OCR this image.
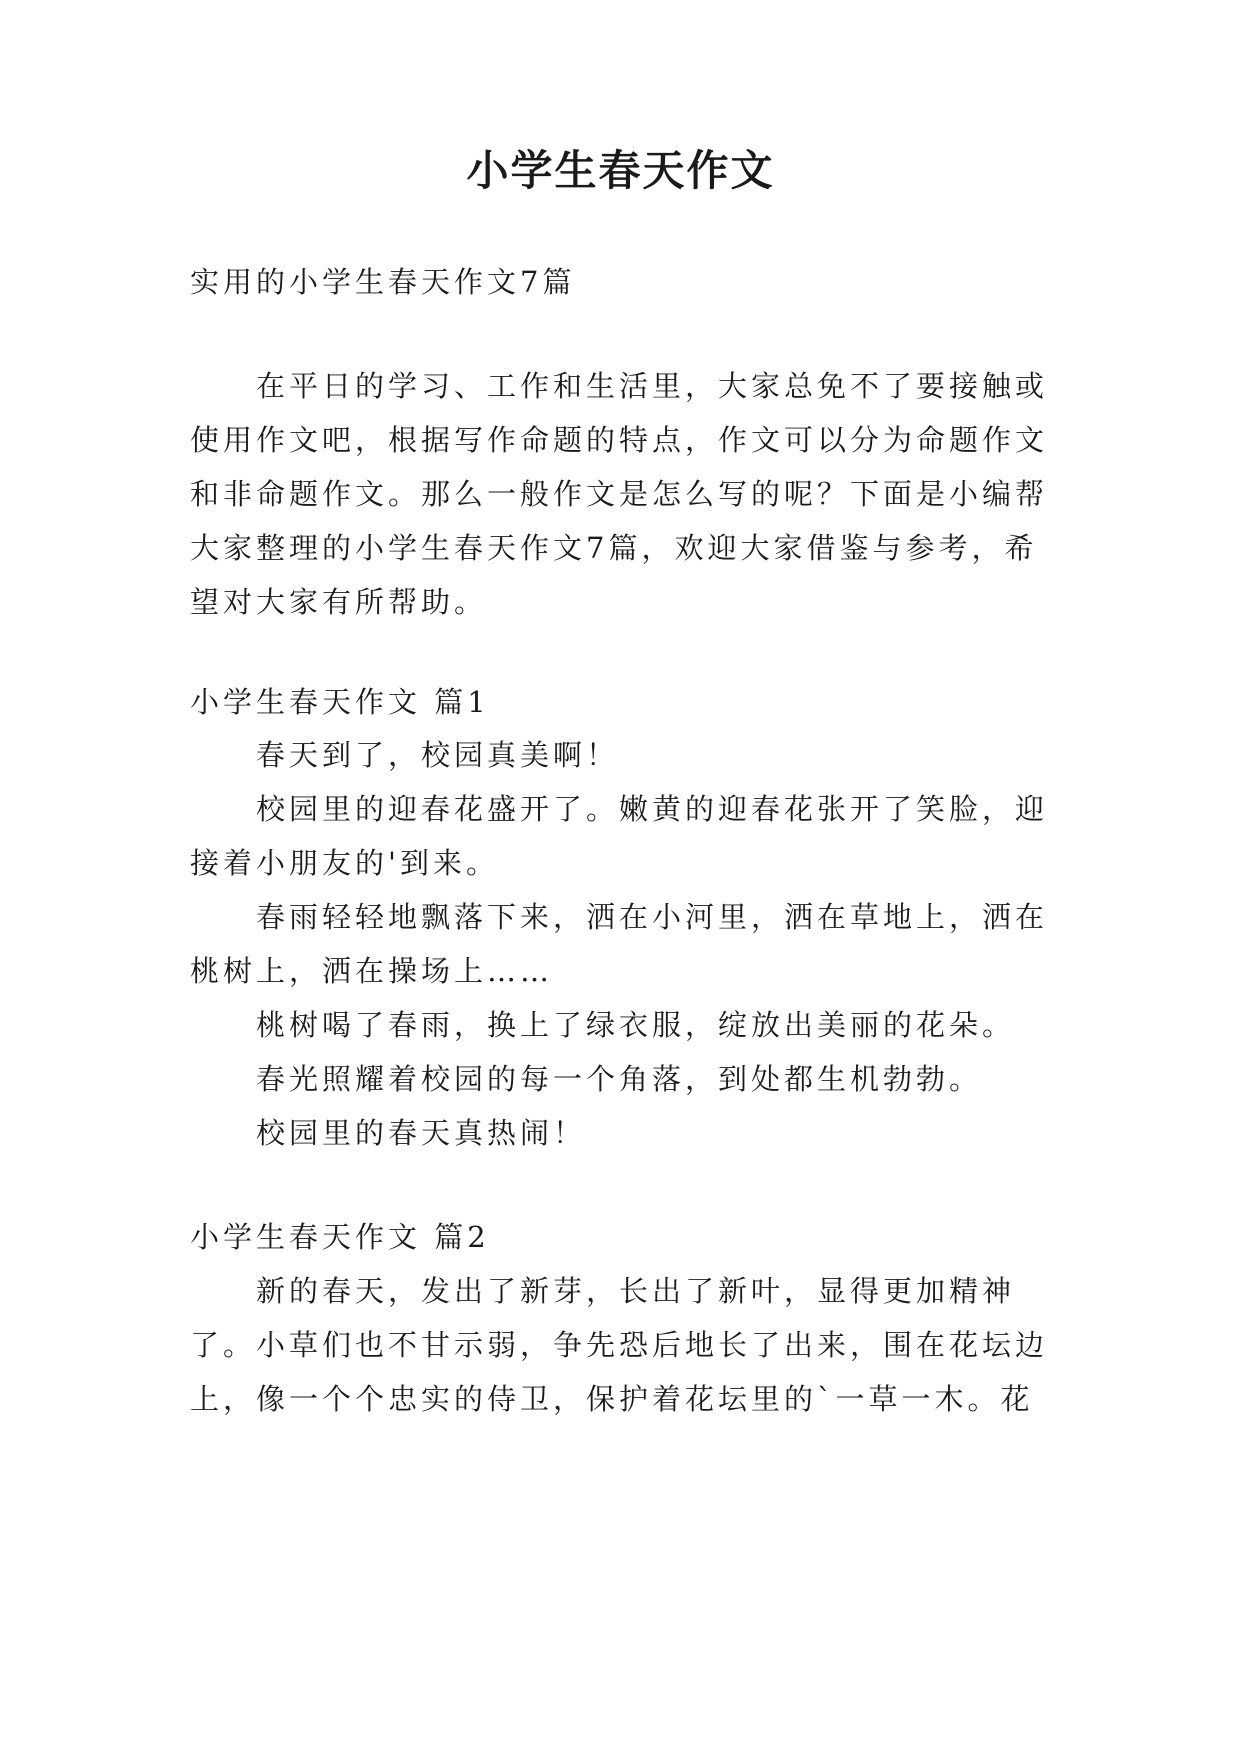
小学生春天作文

实用的小学生春天作文7篇

在平日的学习、工作和生活里，大家总免不了要接触或

使用作文吧，根据写作命题的特点，作文可以分为命题作文

和非命题作文。那么一般作文是怎么写的呢？下面是小编帮

大家整理的小学生春天作文7篇，欢迎大家借鉴与参考，希

望对大家有所帮助。

小学生春天作文 篇1

春天到了，校园真美啊！

校园里的迎春花盛开了。嫩黄的迎春花张开了笑脸，迎

接着小朋友的'到来。

春雨轻轻地飘落下来，洒在小河里，洒在草地上，洒在

桃树上，洒在操场上……

桃树喝了春雨，换上了绿衣服，绽放出美丽的花朵。

春光照耀着校园的每一个角落，到处都生机勃勃。

校园里的春天真热闹！

小学生春天作文 篇2

新的春天，发出了新芽，长出了新叶，显得更加精神

了。小草们也不甘示弱，争先恐后地长了出来，围在花坛边

上，像一个个忠实的侍卫，保护着花坛里的`一草一木。花
